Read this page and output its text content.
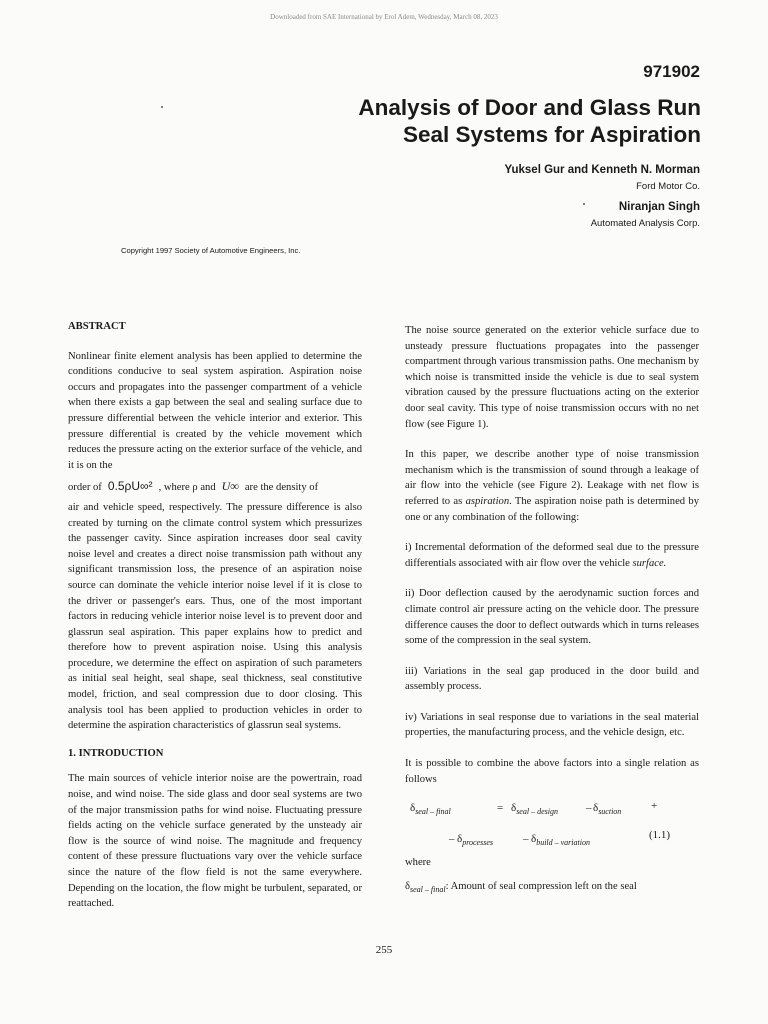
Downloaded from SAE International by Erol Adem, Wednesday, March 08, 2023
971902
Analysis of Door and Glass Run
Seal Systems for Aspiration
Yuksel Gur and Kenneth N. Morman
Ford Motor Co.
Niranjan Singh
Automated Analysis Corp.
Copyright 1997 Society of Automotive Engineers, Inc.
ABSTRACT

Nonlinear finite element analysis has been applied to determine the conditions conducive to seal system aspiration. Aspiration noise occurs and propagates into the passenger compartment of a vehicle when there exists a gap between the seal and sealing surface due to pressure differential between the vehicle interior and exterior. This pressure differential is created by the vehicle movement which reduces the pressure acting on the exterior surface of the vehicle, and it is on the

order of 0.5ρU∞² , where ρ and U∞ are the density of

air and vehicle speed, respectively. The pressure difference is also created by turning on the climate control system which pressurizes the passenger cavity. Since aspiration increases door seal cavity noise level and creates a direct noise transmission path without any significant transmission loss, the presence of an aspiration noise source can dominate the vehicle interior noise level if it is close to the driver or passenger's ears. Thus, one of the most important factors in reducing vehicle interior noise level is to prevent door and glassrun seal aspiration. This paper explains how to predict and therefore how to prevent aspiration noise. Using this analysis procedure, we determine the effect on aspiration of such parameters as initial seal height, seal shape, seal thickness, seal constitutive model, friction, and seal compression due to door closing. This analysis tool has been applied to production vehicles in order to determine the aspiration characteristics of glassrun seal systems.

1. INTRODUCTION

The main sources of vehicle interior noise are the powertrain, road noise, and wind noise. The side glass and door seal systems are two of the major transmission paths for wind noise. Fluctuating pressure fields acting on the vehicle surface generated by the unsteady air flow is the source of wind noise. The magnitude and frequency content of these pressure fluctuations vary over the vehicle surface since the nature of the flow field is not the same everywhere. Depending on the location, the flow might be turbulent, separated, or reattached.

The noise source generated on the exterior vehicle surface due to unsteady pressure fluctuations propagates into the passenger compartment through various transmission paths. One mechanism by which noise is transmitted inside the vehicle is due to seal system vibration caused by the pressure fluctuations acting on the exterior door seal cavity. This type of noise transmission occurs with no net flow (see Figure 1).

In this paper, we describe another type of noise transmission mechanism which is the transmission of sound through a leakage of air flow into the vehicle (see Figure 2). Leakage with net flow is referred to as aspiration. The aspiration noise path is determined by one or any combination of the following:

i) Incremental deformation of the deformed seal due to the pressure differentials associated with air flow over the vehicle surface.

ii) Door deflection caused by the aerodynamic suction forces and climate control air pressure acting on the vehicle door. The pressure difference causes the door to deflect outwards which in turns releases some of the compression in the seal system.

iii) Variations in the seal gap produced in the door build and assembly process.

iv) Variations in seal response due to variations in the seal material properties, the manufacturing process, and the vehicle design, etc.

It is possible to combine the above factors into a single relation as follows

$\delta_{seal - final}$	= $\delta_{seal - design}$	– $\delta_{suction}$	+
– $\delta_{processes}$	– $\delta_{build - variation}$
(1.1)
where
$\delta_{seal - final}$: Amount of seal compression left on the seal
255
